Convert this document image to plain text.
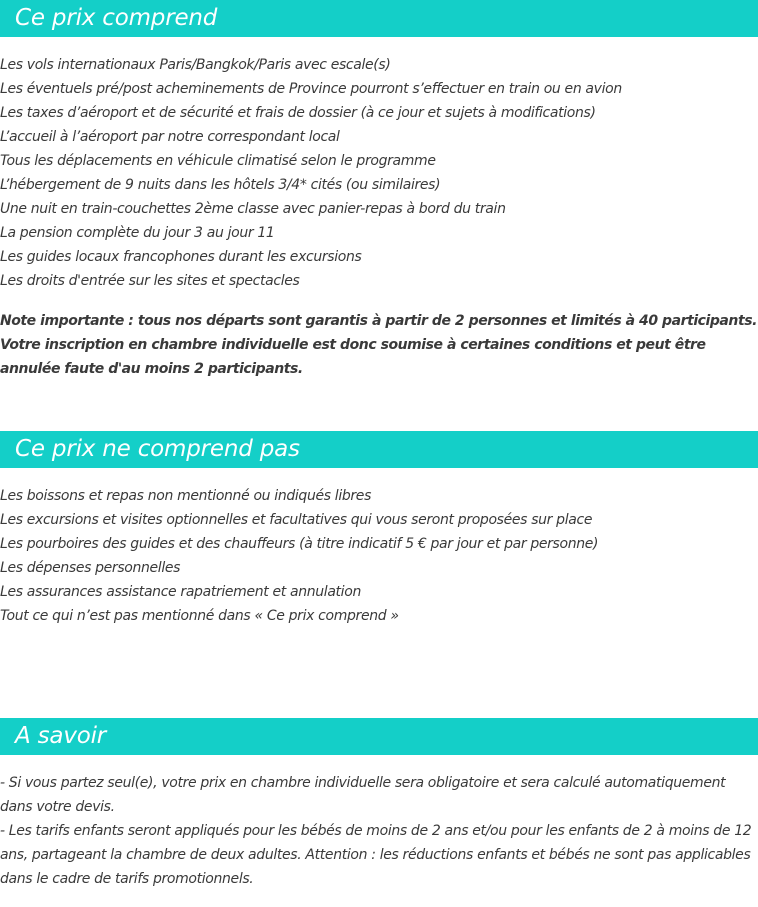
Ce prix comprend
Les vols internationaux Paris/Bangkok/Paris avec escale(s)
Les éventuels pré/post acheminements de Province pourront s’effectuer en train ou en avion
Les taxes d’aéroport et de sécurité et frais de dossier (à ce jour et sujets à modifications)
L’accueil à l’aéroport par notre correspondant local
Tous les déplacements en véhicule climatisé selon le programme
L’hébergement de 9 nuits dans les hôtels 3/4* cités (ou similaires)
Une nuit en train-couchettes 2ème classe avec panier-repas à bord du train
La pension complète du jour 3 au jour 11
Les guides locaux francophones durant les excursions
Les droits d'entrée sur les sites et spectacles
Note importante : tous nos départs sont garantis à partir de 2 personnes et limités à 40 participants. Votre inscription en chambre individuelle est donc soumise à certaines conditions et peut être annulée faute d'au moins 2 participants.
Ce prix ne comprend pas
Les boissons et repas non mentionné ou indiqués libres
Les excursions et visites optionnelles et facultatives qui vous seront proposées sur place
Les pourboires des guides et des chauffeurs (à titre indicatif 5 € par jour et par personne)
Les dépenses personnelles
Les assurances assistance rapatriement et annulation
Tout ce qui n’est pas mentionné dans « Ce prix comprend »
A savoir
- Si vous partez seul(e), votre prix en chambre individuelle sera obligatoire et sera calculé automatiquement dans votre devis.
- Les tarifs enfants seront appliqués pour les bébés de moins de 2 ans et/ou pour les enfants de 2 à moins de 12 ans, partageant la chambre de deux adultes. Attention : les réductions enfants et bébés ne sont pas applicables dans le cadre de tarifs promotionnels.
